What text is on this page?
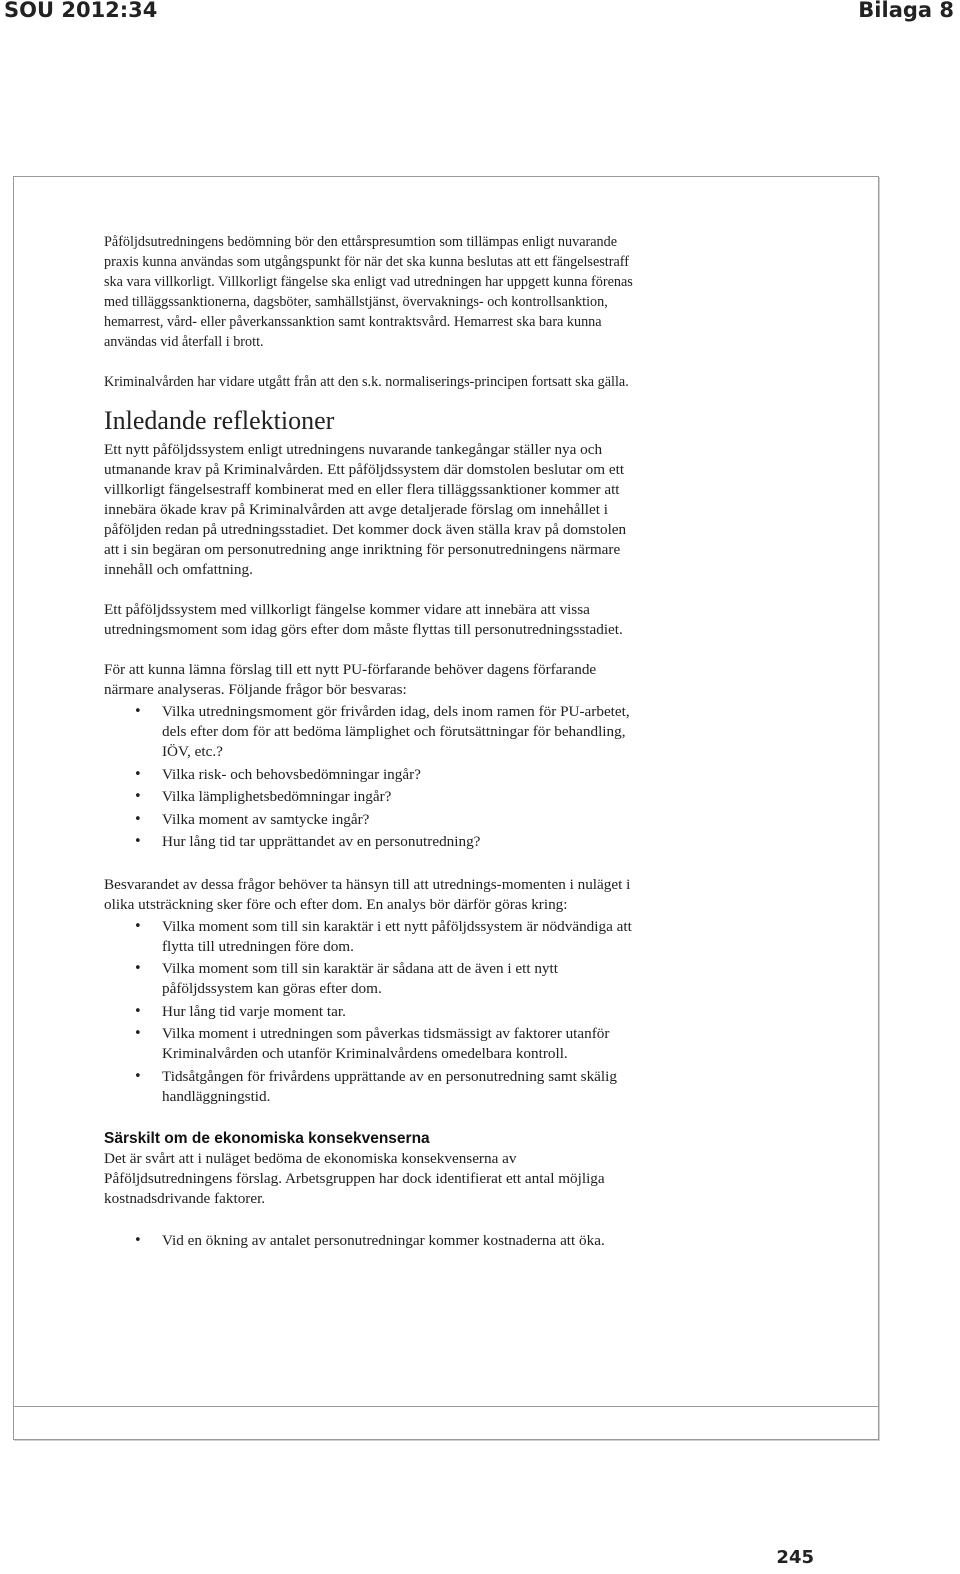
SOU 2012:34	Bilaga 8

Påföljdsutredningens bedömning bör den ettårspresumtion som tillämpas enligt nuvarande praxis kunna användas som utgångspunkt för när det ska kunna beslutas att ett fängelsestraff ska vara villkorligt. Villkorligt fängelse ska enligt vad utredningen har uppgett kunna förenas med tilläggssanktionerna, dagsböter, samhällstjänst, övervaknings- och kontrollsanktion, hemarrest, vård- eller påverkanssanktion samt kontraktsvård. Hemarrest ska bara kunna användas vid återfall i brott.

Kriminalvården har vidare utgått från att den s.k. normaliserings-principen fortsatt ska gälla.

Inledande reflektioner

Ett nytt påföljdssystem enligt utredningens nuvarande tankegångar ställer nya och utmanande krav på Kriminalvården. Ett påföljdssystem där domstolen beslutar om ett villkorligt fängelsestraff kombinerat med en eller flera tilläggssanktioner kommer att innebära ökade krav på Kriminalvården att avge detaljerade förslag om innehållet i påföljden redan på utredningsstadiet. Det kommer dock även ställa krav på domstolen att i sin begäran om personutredning ange inriktning för personutredningens närmare innehåll och omfattning.

Ett påföljdssystem med villkorligt fängelse kommer vidare att innebära att vissa utredningsmoment som idag görs efter dom måste flyttas till personutredningsstadiet.

För att kunna lämna förslag till ett nytt PU-förfarande behöver dagens förfarande närmare analyseras. Följande frågor bör besvaras:

• Vilka utredningsmoment gör frivården idag, dels inom ramen för PU-arbetet, dels efter dom för att bedöma lämplighet och förutsättningar för behandling, IÖV, etc.?
• Vilka risk- och behovsbedömningar ingår?
• Vilka lämplighetsbedömningar ingår?
• Vilka moment av samtycke ingår?
• Hur lång tid tar upprättandet av en personutredning?

Besvarandet av dessa frågor behöver ta hänsyn till att utrednings-momenten i nuläget i olika utsträckning sker före och efter dom. En analys bör därför göras kring:

• Vilka moment som till sin karaktär i ett nytt påföljdssystem är nödvändiga att flytta till utredningen före dom.
• Vilka moment som till sin karaktär är sådana att de även i ett nytt påföljdssystem kan göras efter dom.
• Hur lång tid varje moment tar.
• Vilka moment i utredningen som påverkas tidsmässigt av faktorer utanför Kriminalvården och utanför Kriminalvårdens omedelbara kontroll.
• Tidsåtgången för frivårdens upprättande av en personutredning samt skälig handläggningstid.
Särskilt om de ekonomiska konsekvenserna

Det är svårt att i nuläget bedöma de ekonomiska konsekvenserna av Påföljdsutredningens förslag. Arbetsgruppen har dock identifierat ett antal möjliga kostnadsdrivande faktorer.

• Vid en ökning av antalet personutredningar kommer kostnaderna att öka.
245
